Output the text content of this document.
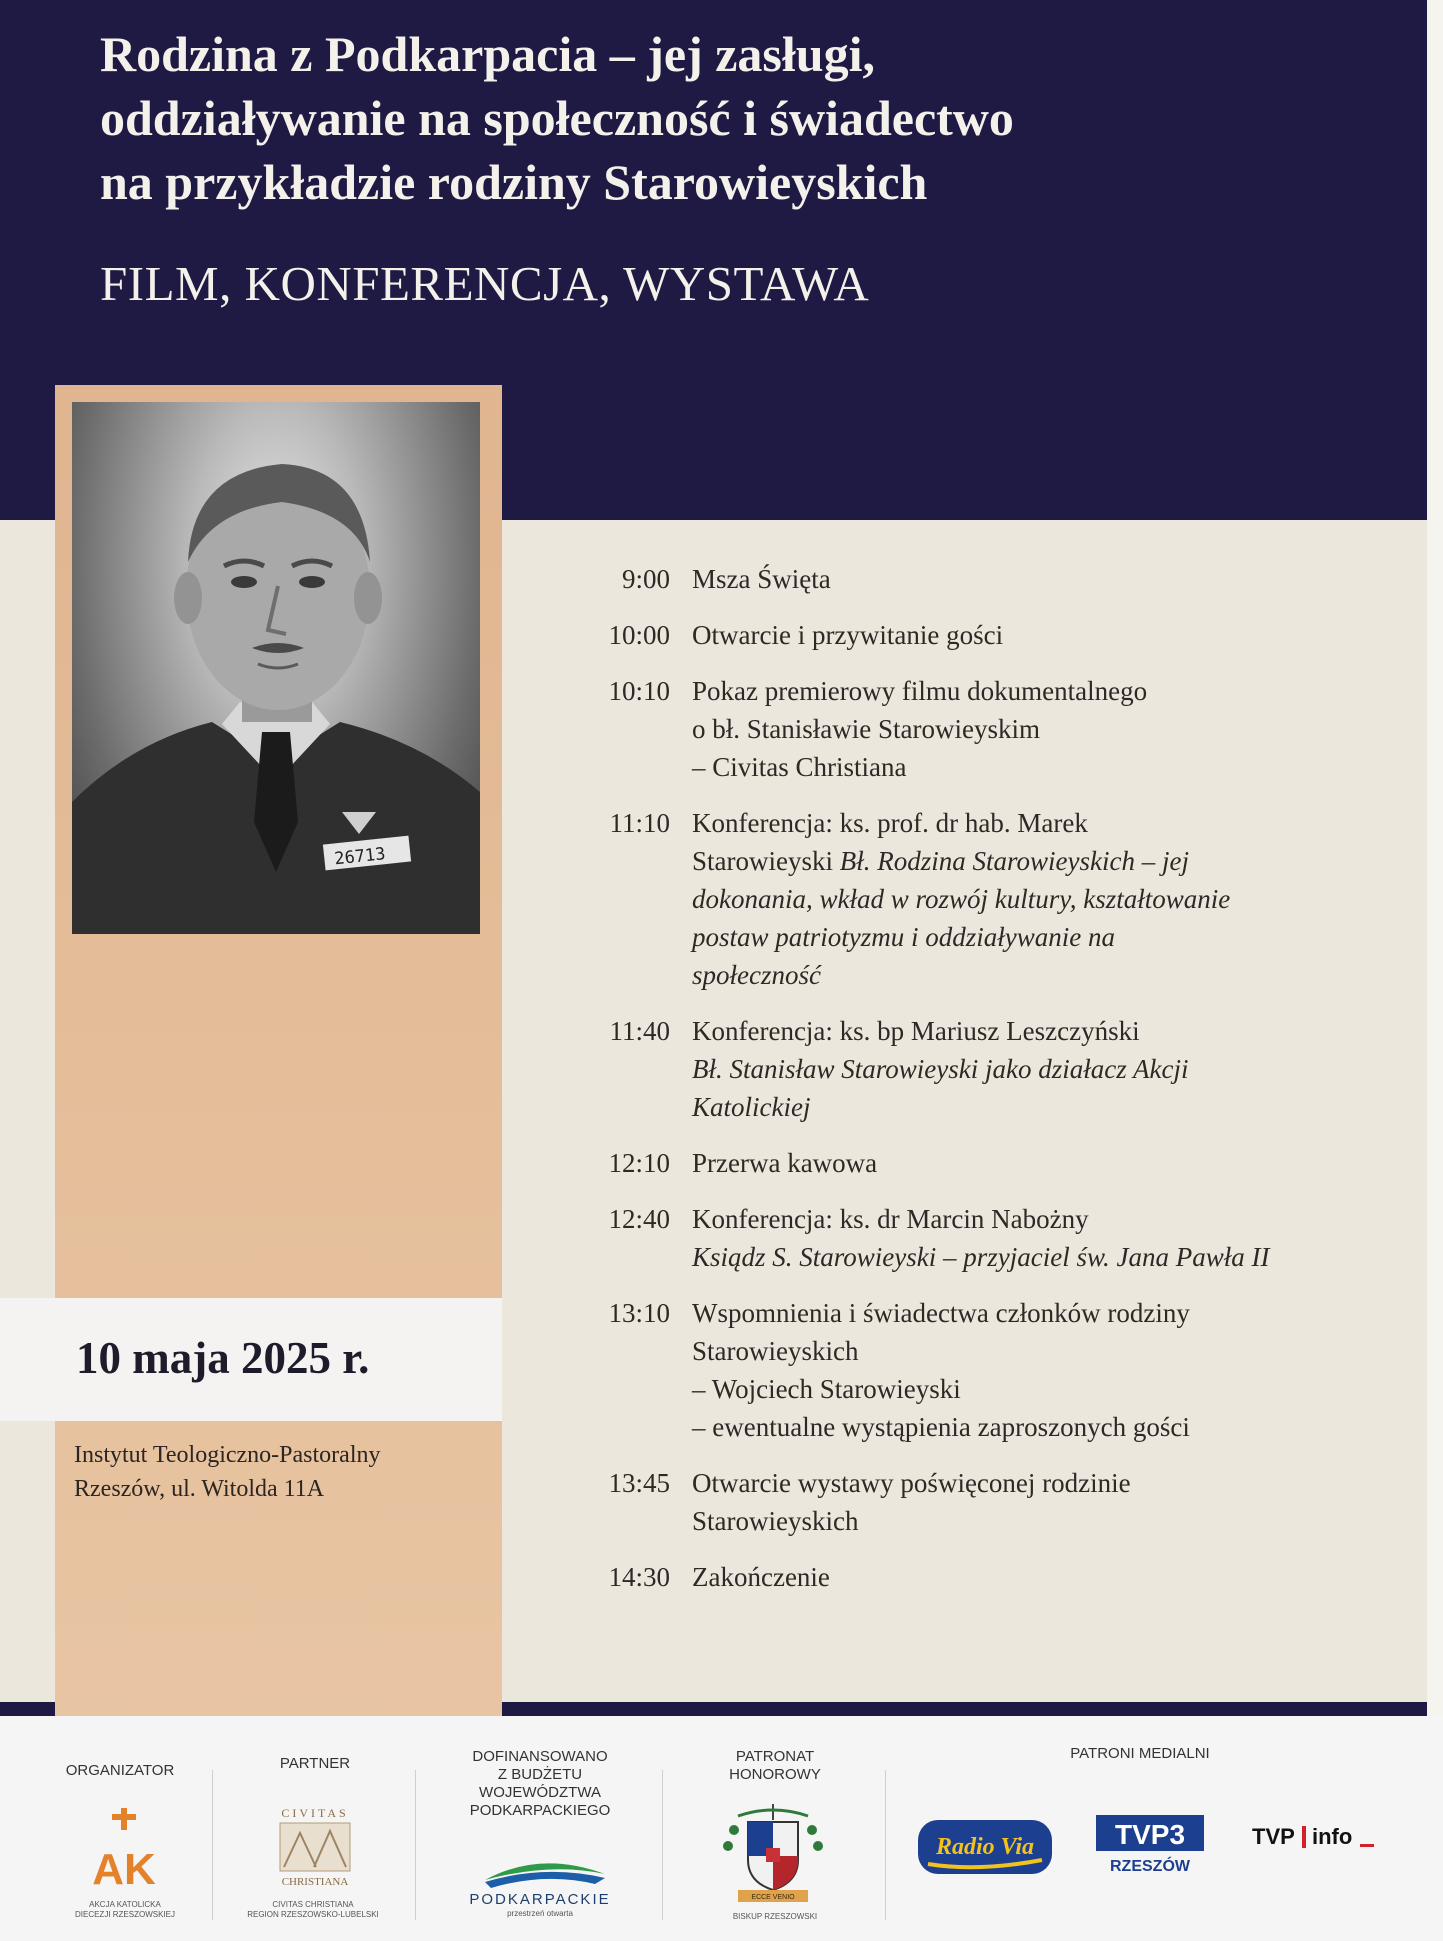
Rodzina z Podkarpacia – jej zasługi,
oddziaływanie na społeczność i świadectwo
na przykładzie rodziny Starowieyskich
FILM, KONFERENCJA, WYSTAWA
26713
10 maja 2025 r.
Instytut Teologiczno-Pastoralny
Rzeszów, ul. Witolda 11A
9:00 Msza Święta
10:00 Otwarcie i przywitanie gości
10:10 Pokaz premierowy filmu dokumentalnego
o bł. Stanisławie Starowieyskim
– Civitas Christiana
11:10 Konferencja: ks. prof. dr hab. Marek
Starowieyski Bł. Rodzina Starowieyskich – jej
dokonania, wkład w rozwój kultury, kształtowanie
postaw patriotyzmu i oddziaływanie na
społeczność
11:40 Konferencja: ks. bp Mariusz Leszczyński
Bł. Stanisław Starowieyski jako działacz Akcji
Katolickiej
12:10 Przerwa kawowa
12:40 Konferencja: ks. dr Marcin Nabożny
Ksiądz S. Starowieyski – przyjaciel św. Jana Pawła II
13:10 Wspomnienia i świadectwa członków rodziny
Starowieyskich
– Wojciech Starowieyski
– ewentualne wystąpienia zaproszonych gości
13:45 Otwarcie wystawy poświęconej rodzinie
Starowieyskich
14:30 Zakończenie
ORGANIZATOR
AK
AKCJA KATOLICKA
DIECEZJI RZESZOWSKIEJ
PARTNER
CIVITAS
CHRISTIANA
CIVITAS CHRISTIANA
REGION RZESZOWSKO-LUBELSKI
DOFINANSOWANO
Z BUDŻETU
WOJEWÓDZTWA
PODKARPACKIEGO
PODKARPACKIE
przestrzeń otwarta
PATRONAT
HONOROWY
ECCE VENIO
BISKUP RZESZOWSKI
PATRONI MEDIALNI
Radio Via	TVP3
RZESZÓW
TVP info
